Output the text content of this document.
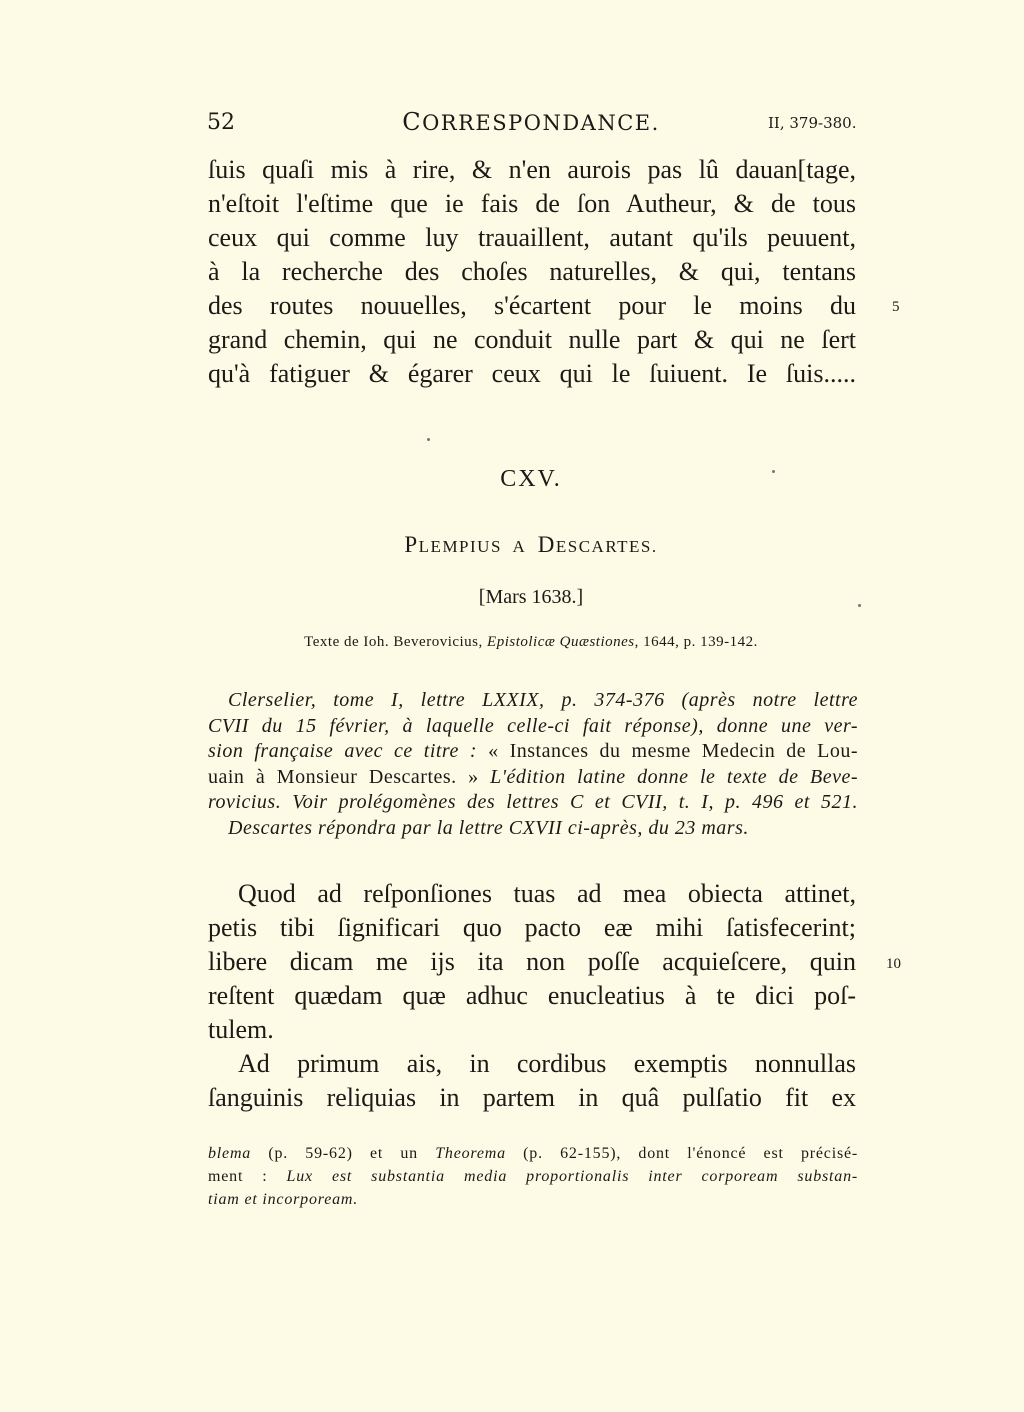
52	CORRESPONDANCE.	II, 379-380.
ſuis quaſi mis à rire, & n'en aurois pas lû dauan[tage,
n'eſtoit l'eſtime que ie fais de ſon Autheur, & de tous
ceux qui comme luy trauaillent, autant qu'ils peuuent,
à la recherche des choſes naturelles, & qui, tentans
des routes nouuelles, s'écartent pour le moins du
grand chemin, qui ne conduit nulle part & qui ne ſert
qu'à fatiguer & égarer ceux qui le ſuiuent. Ie ſuis.....
5
CXV.
PLEMPIUS A DESCARTES.
[Mars 1638.]
Texte de Ioh. Beverovicius, Epistolicæ Quæstiones, 1644, p. 139-142.
Clerselier, tome I, lettre LXXIX, p. 374-376 (après notre lettre
CVII du 15 février, à laquelle celle-ci fait réponse), donne une ver-
sion française avec ce titre : « Instances du mesme Medecin de Lou-
uain à Monsieur Descartes. » L'édition latine donne le texte de Beve-
rovicius. Voir prolégomènes des lettres C et CVII, t. I, p. 496 et 521.
Descartes répondra par la lettre CXVII ci-après, du 23 mars.
Quod ad reſponſiones tuas ad mea obiecta attinet,
petis tibi ſignificari quo pacto eæ mihi ſatisfecerint;
libere dicam me ijs ita non poſſe acquieſcere, quin
reſtent quædam quæ adhuc enucleatius à te dici poſ-
tulem.
Ad primum ais, in cordibus exemptis nonnullas
ſanguinis reliquias in partem in quâ pulſatio fit ex
10
blema (p. 59-62) et un Theorema (p. 62-155), dont l'énoncé est précisé-
ment : Lux est substantia media proportionalis inter corpoream substan-
tiam et incorpoream.
